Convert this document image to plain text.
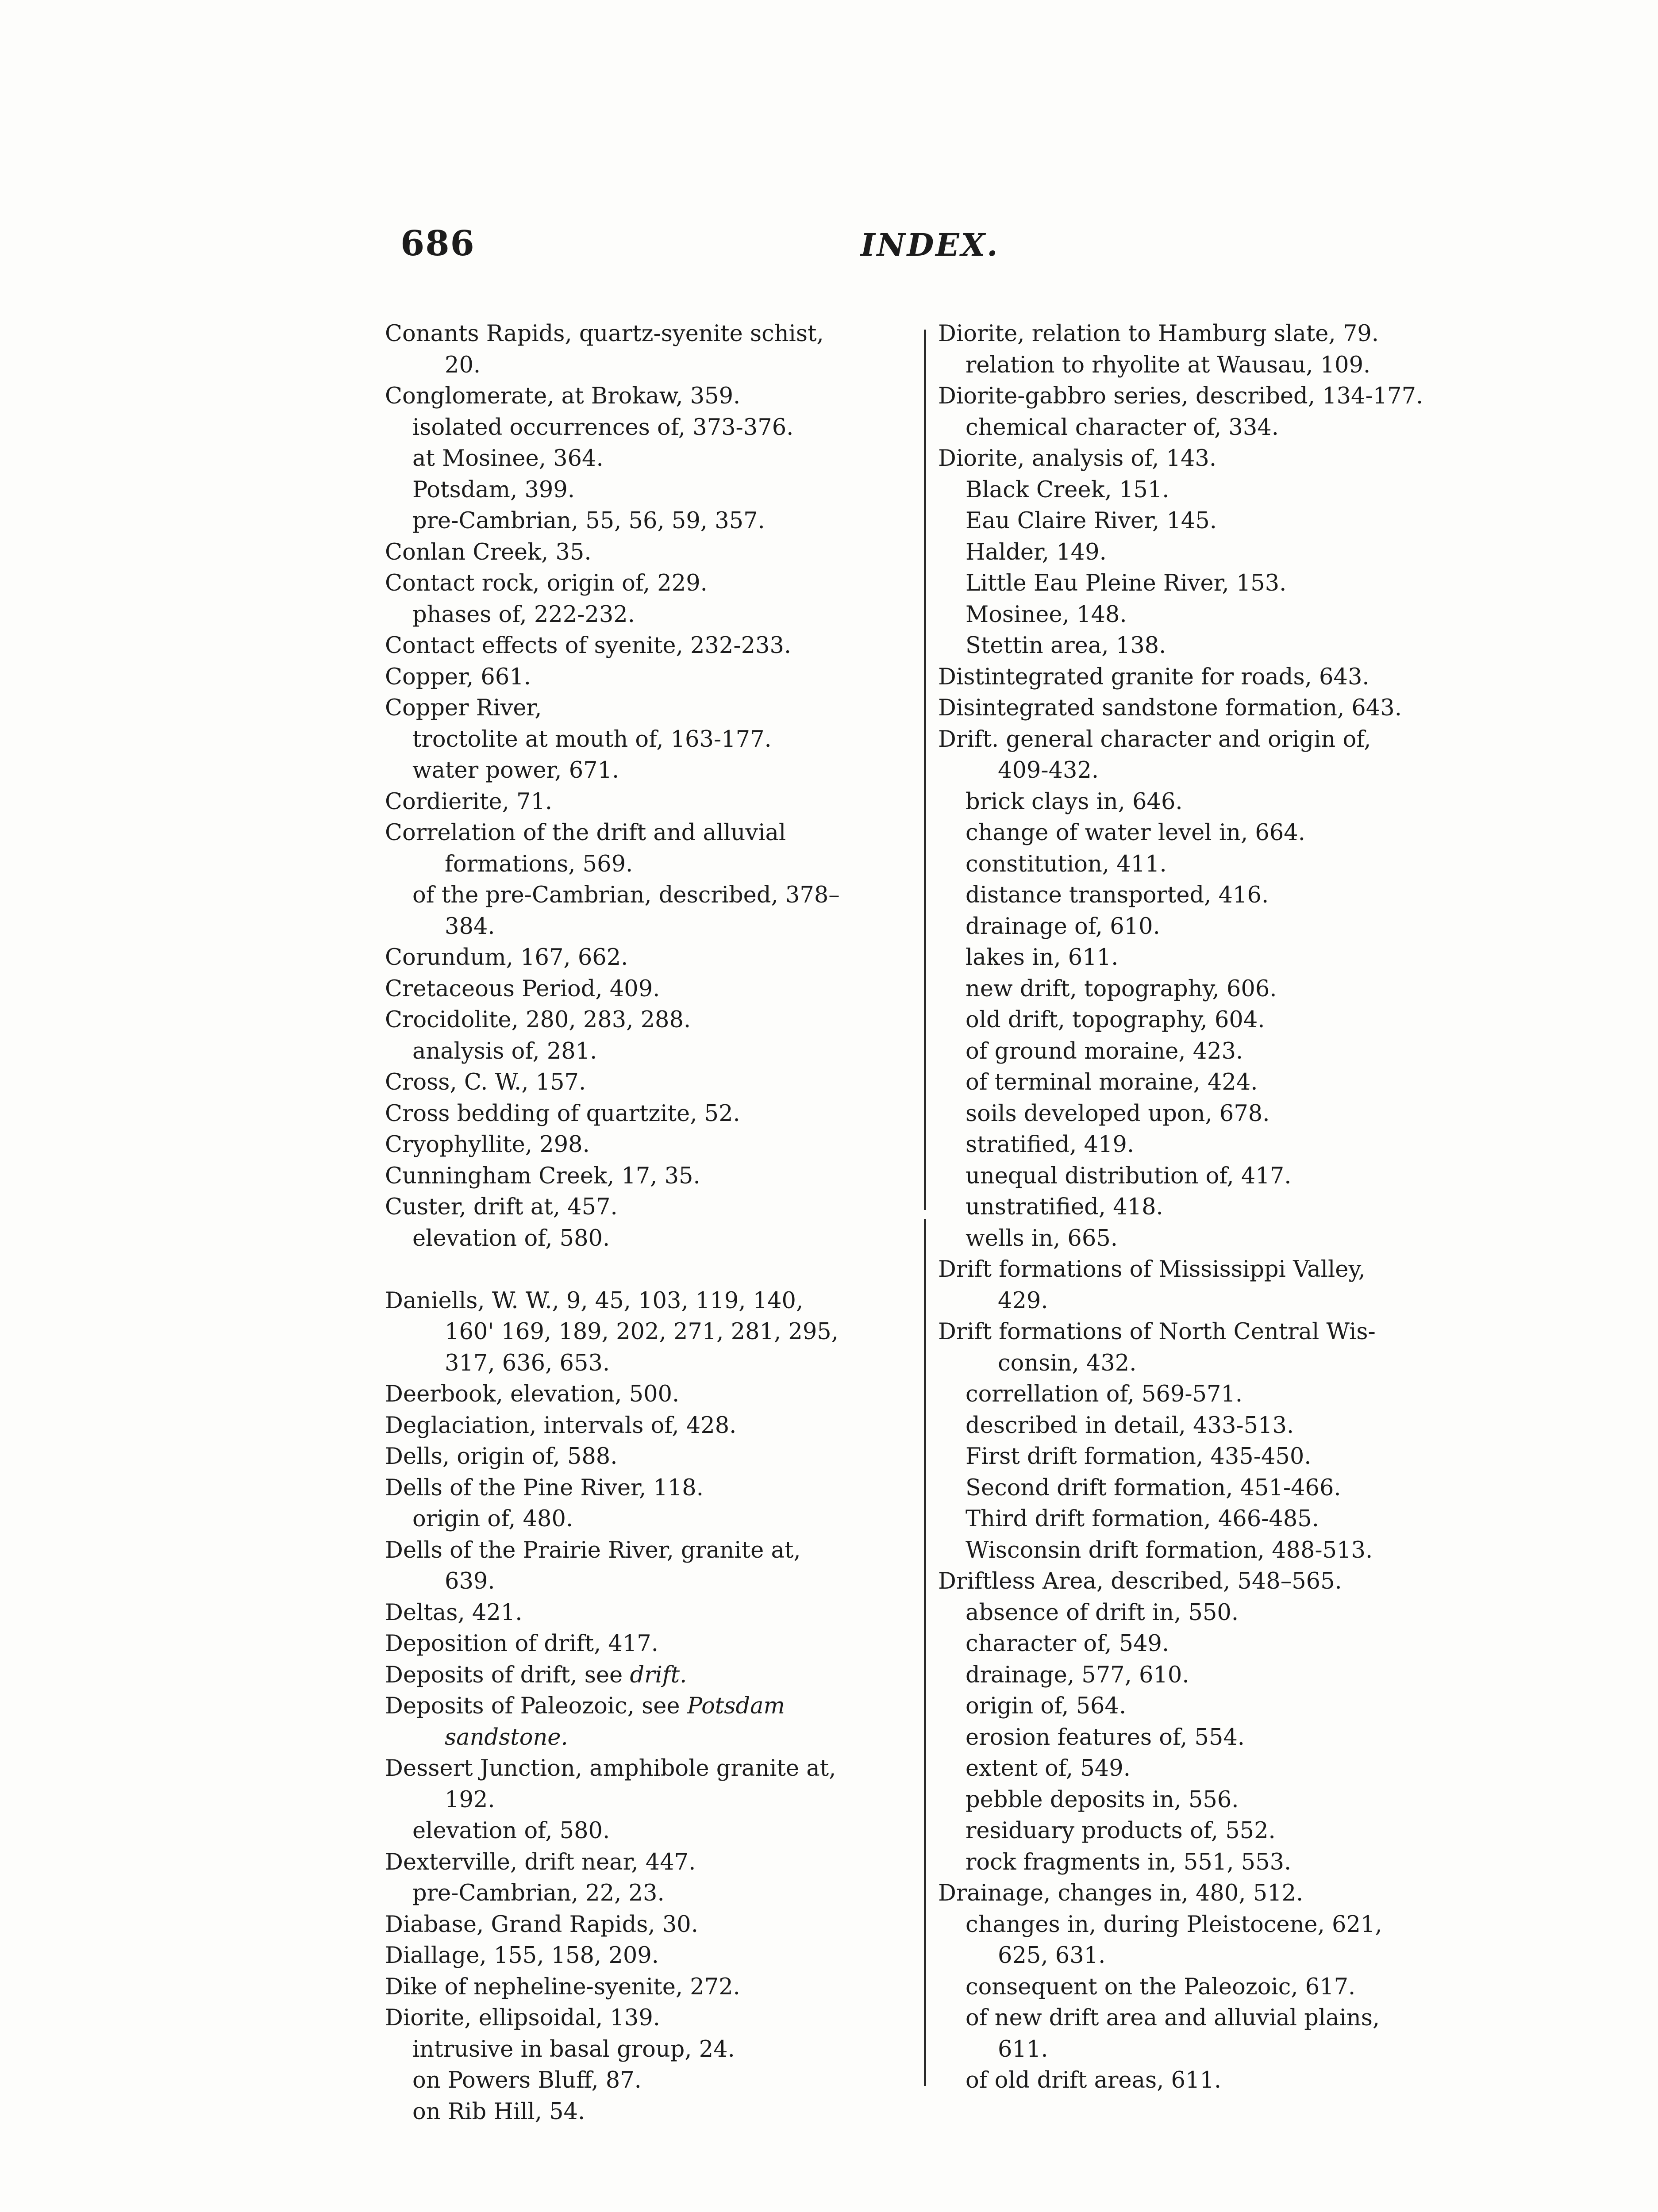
686	INDEX.
Conants Rapids, quartz-syenite schist,
20.
Conglomerate, at Brokaw, 359.
isolated occurrences of, 373-376.
at Mosinee, 364.
Potsdam, 399.
pre-Cambrian, 55, 56, 59, 357.
Conlan Creek, 35.
Contact rock, origin of, 229.
phases of, 222-232.
Contact effects of syenite, 232-233.
Copper, 661.
Copper River,
troctolite at mouth of, 163-177.
water power, 671.
Cordierite, 71.
Correlation of the drift and alluvial
formations, 569.
of the pre-Cambrian, described, 378–
384.
Corundum, 167, 662.
Cretaceous Period, 409.
Crocidolite, 280, 283, 288.
analysis of, 281.
Cross, C. W., 157.
Cross bedding of quartzite, 52.
Cryophyllite, 298.
Cunningham Creek, 17, 35.
Custer, drift at, 457.
elevation of, 580.
Daniells, W. W., 9, 45, 103, 119, 140,
160' 169, 189, 202, 271, 281, 295,
317, 636, 653.
Deerbook, elevation, 500.
Deglaciation, intervals of, 428.
Dells, origin of, 588.
Dells of the Pine River, 118.
origin of, 480.
Dells of the Prairie River, granite at,
639.
Deltas, 421.
Deposition of drift, 417.
Deposits of drift, see drift.
Deposits of Paleozoic, see Potsdam
sandstone.
Dessert Junction, amphibole granite at,
192.
elevation of, 580.
Dexterville, drift near, 447.
pre-Cambrian, 22, 23.
Diabase, Grand Rapids, 30.
Diallage, 155, 158, 209.
Dike of nepheline-syenite, 272.
Diorite, ellipsoidal, 139.
intrusive in basal group, 24.
on Powers Bluff, 87.
on Rib Hill, 54.
Diorite, relation to Hamburg slate, 79.
relation to rhyolite at Wausau, 109.
Diorite-gabbro series, described, 134-177.
chemical character of, 334.
Diorite, analysis of, 143.
Black Creek, 151.
Eau Claire River, 145.
Halder, 149.
Little Eau Pleine River, 153.
Mosinee, 148.
Stettin area, 138.
Distintegrated granite for roads, 643.
Disintegrated sandstone formation, 643.
Drift. general character and origin of,
409-432.
brick clays in, 646.
change of water level in, 664.
constitution, 411.
distance transported, 416.
drainage of, 610.
lakes in, 611.
new drift, topography, 606.
old drift, topography, 604.
of ground moraine, 423.
of terminal moraine, 424.
soils developed upon, 678.
stratified, 419.
unequal distribution of, 417.
unstratified, 418.
wells in, 665.
Drift formations of Mississippi Valley,
429.
Drift formations of North Central Wis-
consin, 432.
correllation of, 569-571.
described in detail, 433-513.
First drift formation, 435-450.
Second drift formation, 451-466.
Third drift formation, 466-485.
Wisconsin drift formation, 488-513.
Driftless Area, described, 548–565.
absence of drift in, 550.
character of, 549.
drainage, 577, 610.
origin of, 564.
erosion features of, 554.
extent of, 549.
pebble deposits in, 556.
residuary products of, 552.
rock fragments in, 551, 553.
Drainage, changes in, 480, 512.
changes in, during Pleistocene, 621,
625, 631.
consequent on the Paleozoic, 617.
of new drift area and alluvial plains,
611.
of old drift areas, 611.
